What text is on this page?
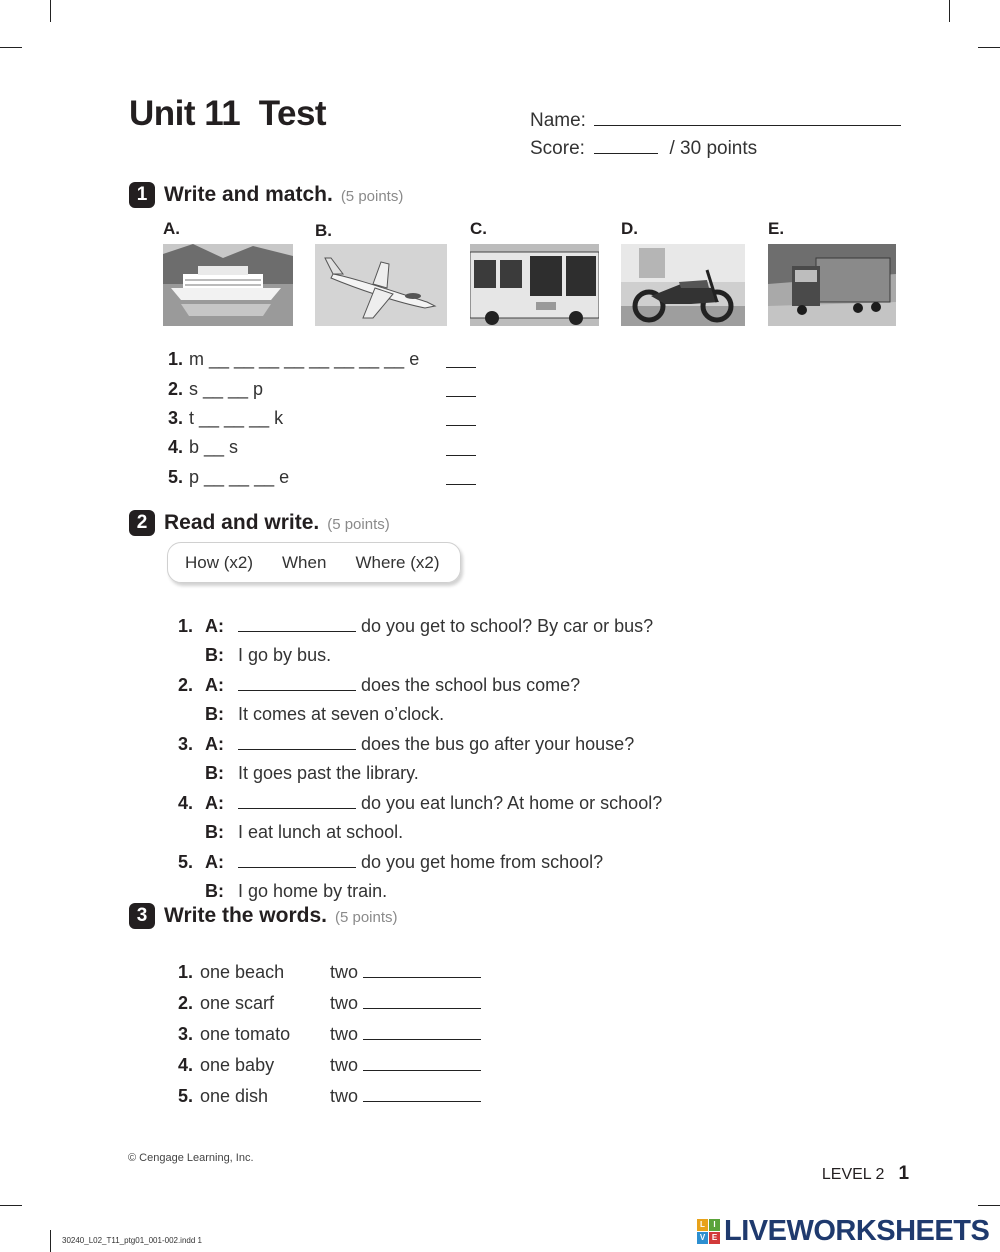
Unit 11  Test	Name:
Score:	/ 30 points
1 Write and match. (5 points)
A.	B.	C.	D.	E.
1. m __ __ __ __ __ __ __ __ e
2. s __ __ p
3. t __ __ __ k
4. b __ s
5. p __ __ __ e
2 Read and write. (5 points)
How (x2) When Where (x2)

1. A:	do you get to school? By car or bus?

B: I go by bus.

2. A:	does the school bus come?

B: It comes at seven o’clock.

3. A:	does the bus go after your house?

B: It goes past the library.

4. A:	do you eat lunch? At home or school?

B: I eat lunch at school.

5. A:	do you get home from school?

B: I go home by train.

3 Write the words. (5 points)

1. one beach	two

2. one scarf	two

3. one tomato two

4. one baby	two

5. one dish	two

© Cengage Learning, Inc.

LEVEL 2 1

30240_L02_T11_ptg01_001-002.indd 1
L	I
V E LIVEWORKSHEETS
